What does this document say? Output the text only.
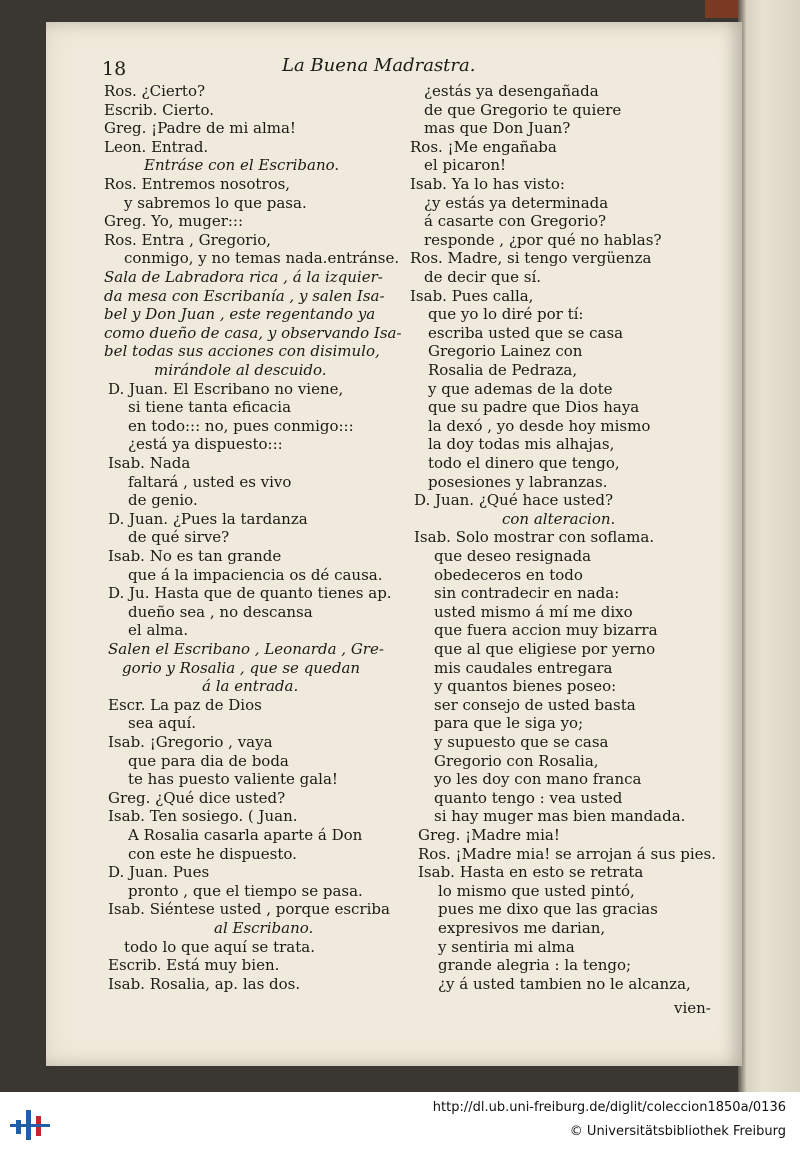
18	La Buena Madrastra.
Ros. ¿Cierto?
Escrib. Cierto.
Greg. ¡Padre de mi alma!
Leon. Entrad.
Entráse con el Escribano.
Ros. Entremos nosotros,
y sabremos lo que pasa.
Greg. Yo, muger:::
Ros. Entra , Gregorio,
conmigo, y no temas nada.entránse.
Sala de Labradora rica , á la izquier-
da mesa con Escribanía , y salen Isa-
bel y Don Juan , este regentando ya
como dueño de casa, y observando Isa-
bel todas sus acciones con disimulo,
mirándole al descuido.
D. Juan. El Escribano no viene,
si tiene tanta eficacia
en todo::: no, pues conmigo:::
¿está ya dispuesto:::
Isab. Nada
faltará , usted es vivo
de genio.
D. Juan. ¿Pues la tardanza
de qué sirve?
Isab. No es tan grande
que á la impaciencia os dé causa.
D. Ju. Hasta que de quanto tienes ap.
dueño sea , no descansa
el alma.
Salen el Escribano , Leonarda , Gre-
gorio y Rosalia , que se quedan
á la entrada.
Escr. La paz de Dios
sea aquí.
Isab. ¡Gregorio , vaya
que para dia de boda
te has puesto valiente gala!
Greg. ¿Qué dice usted?
Isab. Ten sosiego. ( Juan.
A Rosalia casarla aparte á Don
con este he dispuesto.
D. Juan. Pues
pronto , que el tiempo se pasa.
Isab. Siéntese usted , porque escriba
al Escribano.
todo lo que aquí se trata.
Escrib. Está muy bien.
Isab. Rosalia, ap. las dos.
¿estás ya desengañada
de que Gregorio te quiere
mas que Don Juan?
Ros. ¡Me engañaba
el picaron!
Isab. Ya lo has visto:
¿y estás ya determinada
á casarte con Gregorio?
responde , ¿por qué no hablas?
Ros. Madre, si tengo vergüenza
de decir que sí.
Isab. Pues calla,
que yo lo diré por tí:
escriba usted que se casa
Gregorio Lainez con
Rosalia de Pedraza,
y que ademas de la dote
que su padre que Dios haya
la dexó , yo desde hoy mismo
la doy todas mis alhajas,
todo el dinero que tengo,
posesiones y labranzas.
D. Juan. ¿Qué hace usted?
con alteracion.
Isab. Solo mostrar con soflama.
que deseo resignada
obedeceros en todo
sin contradecir en nada:
usted mismo á mí me dixo
que fuera accion muy bizarra
que al que eligiese por yerno
mis caudales entregara
y quantos bienes poseo:
ser consejo de usted basta
para que le siga yo;
y supuesto que se casa
Gregorio con Rosalia,
yo les doy con mano franca
quanto tengo : vea usted
si hay muger mas bien mandada.
Greg. ¡Madre mia!
Ros. ¡Madre mia! se arrojan á sus pies.
Isab. Hasta en esto se retrata
lo mismo que usted pintó,
pues me dixo que las gracias
expresivos me darian,
y sentiria mi alma
grande alegria : la tengo;
¿y á usted tambien no le alcanza,
vien-
http://dl.ub.uni-freiburg.de/diglit/coleccion1850a/0136
© Universitätsbibliothek Freiburg
